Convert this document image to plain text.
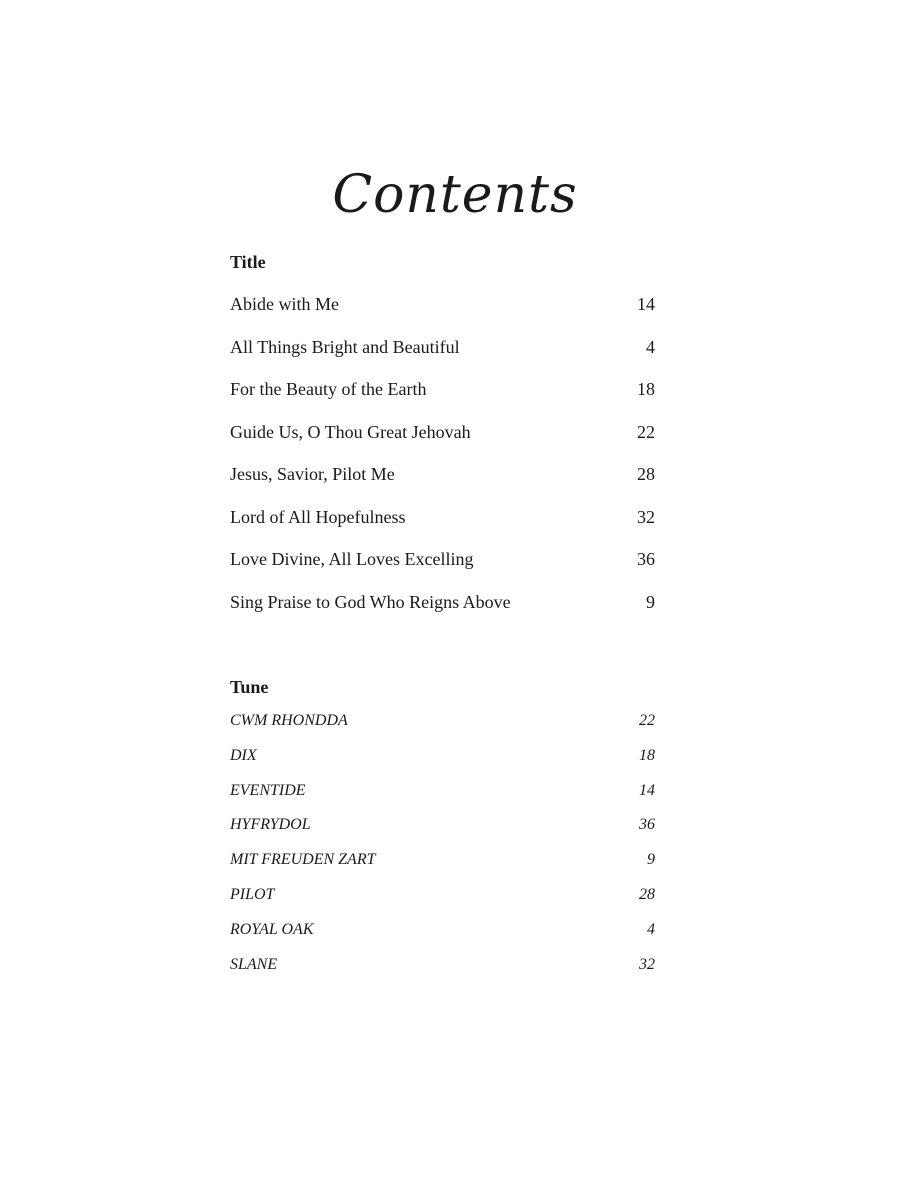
Contents
Title
Abide with Me	14
All Things Bright and Beautiful	4
For the Beauty of the Earth	18
Guide Us, O Thou Great Jehovah	22
Jesus, Savior, Pilot Me	28
Lord of All Hopefulness	32
Love Divine, All Loves Excelling	36
Sing Praise to God Who Reigns Above	9
Tune
CWM RHONDDA	22
DIX	18
EVENTIDE	14
HYFRYDOL	36
MIT FREUDEN ZART	9
PILOT	28
ROYAL OAK	4
SLANE	32
